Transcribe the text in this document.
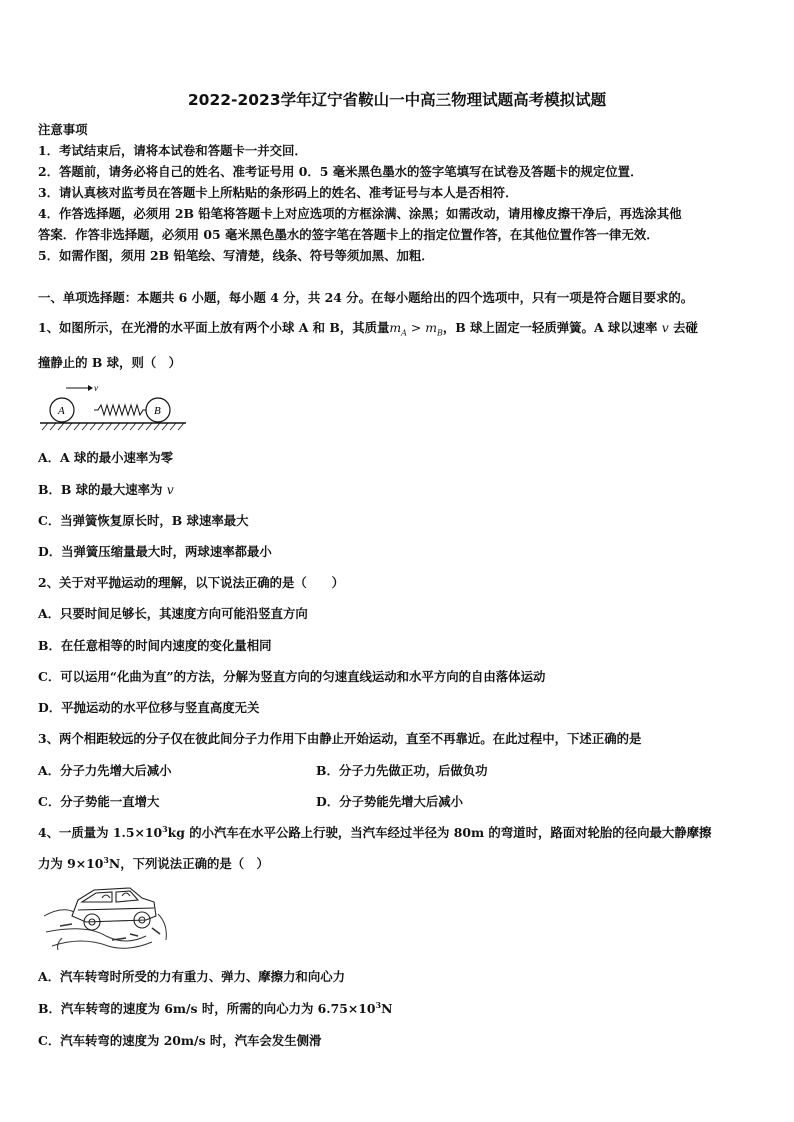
2022-2023学年辽宁省鞍山一中高三物理试题高考模拟试题
注意事项
1．考试结束后，请将本试卷和答题卡一并交回．
2．答题前，请务必将自己的姓名、准考证号用 0．5 毫米黑色墨水的签字笔填写在试卷及答题卡的规定位置．
3．请认真核对监考员在答题卡上所粘贴的条形码上的姓名、准考证号与本人是否相符．
4．作答选择题，必须用 2B 铅笔将答题卡上对应选项的方框涂满、涂黑；如需改动，请用橡皮擦干净后，再选涂其他
答案．作答非选择题，必须用 05 毫米黑色墨水的签字笔在答题卡上的指定位置作答，在其他位置作答一律无效．
5．如需作图，须用 2B 铅笔绘、写清楚，线条、符号等须加黑、加粗．
一、单项选择题：本题共 6 小题，每小题 4 分，共 24 分。在每小题给出的四个选项中，只有一项是符合题目要求的。
1、如图所示，在光滑的水平面上放有两个小球 A 和 B，其质量$m_A > m_B$，B 球上固定一轻质弹簧。A 球以速率 v 去碰
撞静止的 B 球，则（　）
v
A	B
A．A 球的最小速率为零
B．B 球的最大速率为 v
C．当弹簧恢复原长时，B 球速率最大
D．当弹簧压缩量最大时，两球速率都最小
2、关于对平抛运动的理解，以下说法正确的是（　　）
A．只要时间足够长，其速度方向可能沿竖直方向
B．在任意相等的时间内速度的变化量相同
C．可以运用“化曲为直”的方法，分解为竖直方向的匀速直线运动和水平方向的自由落体运动
D．平抛运动的水平位移与竖直高度无关
3、两个相距较远的分子仅在彼此间分子力作用下由静止开始运动，直至不再靠近。在此过程中，下述正确的是
A．分子力先增大后减小	B．分子力先做正功，后做负功
C．分子势能一直增大	D．分子势能先增大后减小
4、一质量为 $1.5\times 10^3kg$ 的小汽车在水平公路上行驶，当汽车经过半径为 80m 的弯道时，路面对轮胎的径向最大静摩擦
力为 $9\times 10^3N$，下列说法正确的是（　）
A．汽车转弯时所受的力有重力、弹力、摩擦力和向心力
B．汽车转弯的速度为 6m/s 时，所需的向心力为 $6.75\times 10^3N$
C．汽车转弯的速度为 20m/s 时，汽车会发生侧滑
